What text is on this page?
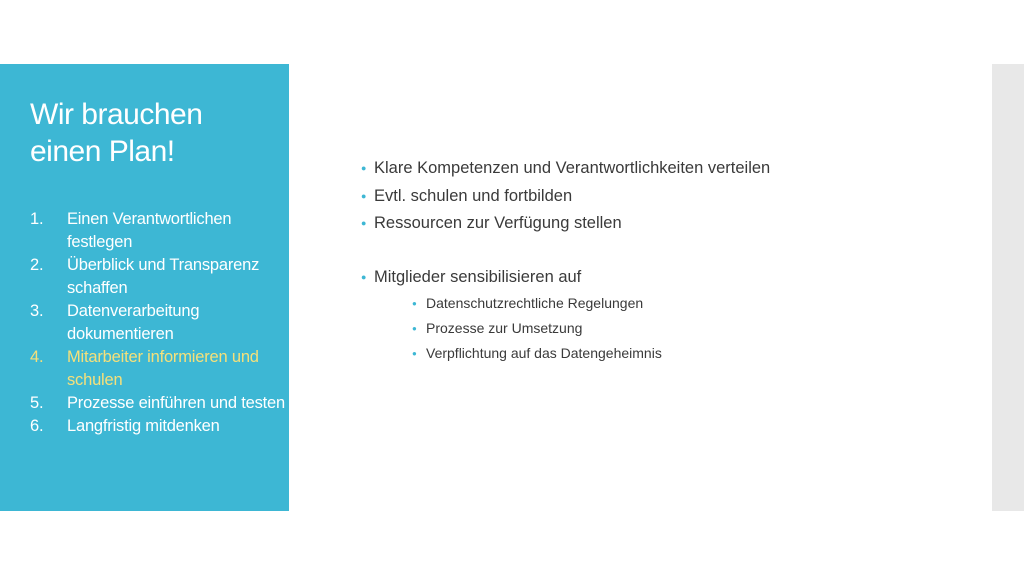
Wir brauchen einen Plan!
1. Einen Verantwortlichen festlegen
2. Überblick und Transparenz schaffen
3. Datenverarbeitung dokumentieren
4. Mitarbeiter informieren und schulen
5. Prozesse einführen und testen
6. Langfristig mitdenken
● Klare Kompetenzen und Verantwortlichkeiten verteilen
● Evtl. schulen und fortbilden
● Ressourcen zur Verfügung stellen
● Mitglieder sensibilisieren auf
● Datenschutzrechtliche Regelungen
● Prozesse zur Umsetzung
● Verpflichtung auf das Datengeheimnis
